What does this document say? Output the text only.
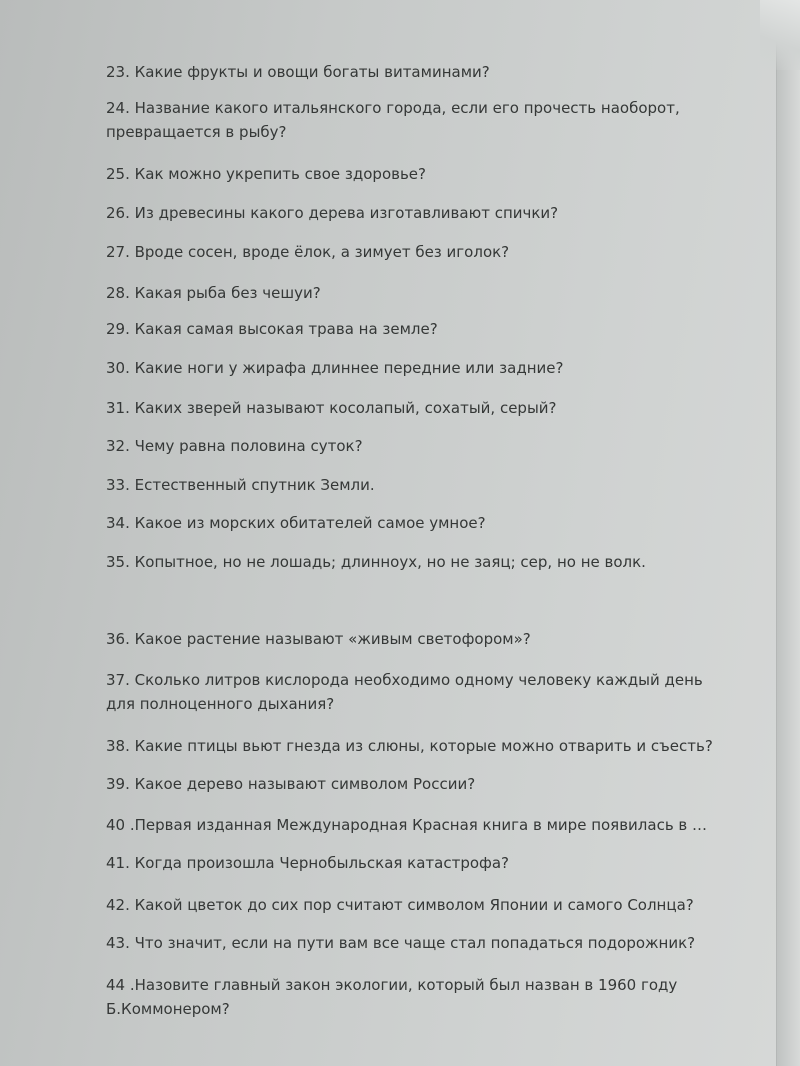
23. Какие фрукты и овощи богаты витаминами?
24. Название какого итальянского города, если его прочесть наоборот,
превращается в рыбу?
25. Как можно укрепить свое здоровье?
26. Из древесины какого дерева изготавливают спички?
27. Вроде сосен, вроде ёлок, а зимует без иголок?
28. Какая рыба без чешуи?
29. Какая самая высокая трава на земле?
30. Какие ноги у жирафа длиннее передние или задние?
31. Каких зверей называют косолапый, сохатый, серый?
32. Чему равна половина суток?
33. Естественный спутник Земли.
34. Какое из морских обитателей самое умное?
35. Копытное, но не лошадь; длинноух, но не заяц; сер, но не волк.
36. Какое растение называют «живым светофором»?
37. Сколько литров кислорода необходимо одному человеку каждый день
для полноценного дыхания?
38. Какие птицы вьют гнезда из слюны, которые можно отварить и съесть?
39. Какое дерево называют символом России?
40 .Первая изданная Международная Красная книга в мире появилась в …
41. Когда произошла Чернобыльская катастрофа?
42. Какой цветок до сих пор считают символом Японии и самого Солнца?
43. Что значит, если на пути вам все чаще стал попадаться подорожник?
44 .Назовите главный закон экологии, который был назван в 1960 году
Б.Коммонером?
